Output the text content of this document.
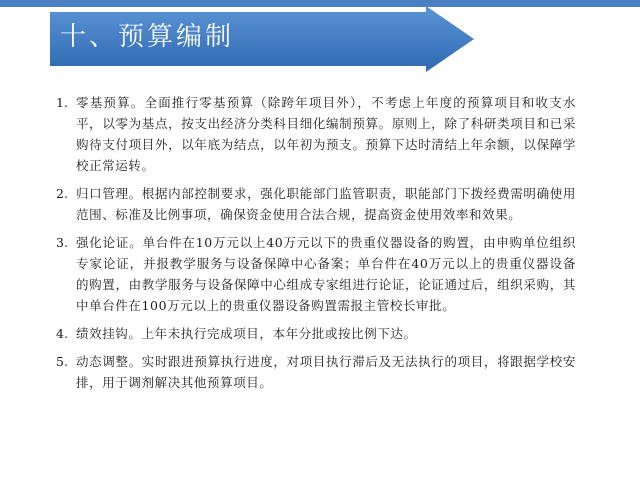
十、预算编制
1. 零基预算。全面推行零基预算（除跨年项目外），不考虑上年度的预算项目和收支水平，以零为基点，按支出经济分类科目细化编制预算。原则上，除了科研类项目和已采购待支付项目外，以年底为结点，以年初为预支。预算下达时清结上年余额，以保障学校正常运转。
2. 归口管理。根据内部控制要求，强化职能部门监管职责，职能部门下拨经费需明确使用范围、标准及比例事项，确保资金使用合法合规，提高资金使用效率和效果。
3. 强化论证。单台件在10万元以上40万元以下的贵重仪器设备的购置，由申购单位组织专家论证，并报教学服务与设备保障中心备案；单台件在40万元以上的贵重仪器设备的购置，由教学服务与设备保障中心组成专家组进行论证，论证通过后，组织采购，其中单台件在100万元以上的贵重仪器设备购置需报主管校长审批。
4. 绩效挂钩。上年未执行完成项目，本年分批或按比例下达。
5. 动态调整。实时跟进预算执行进度，对项目执行滞后及无法执行的项目，将跟据学校安排，用于调剂解决其他预算项目。
